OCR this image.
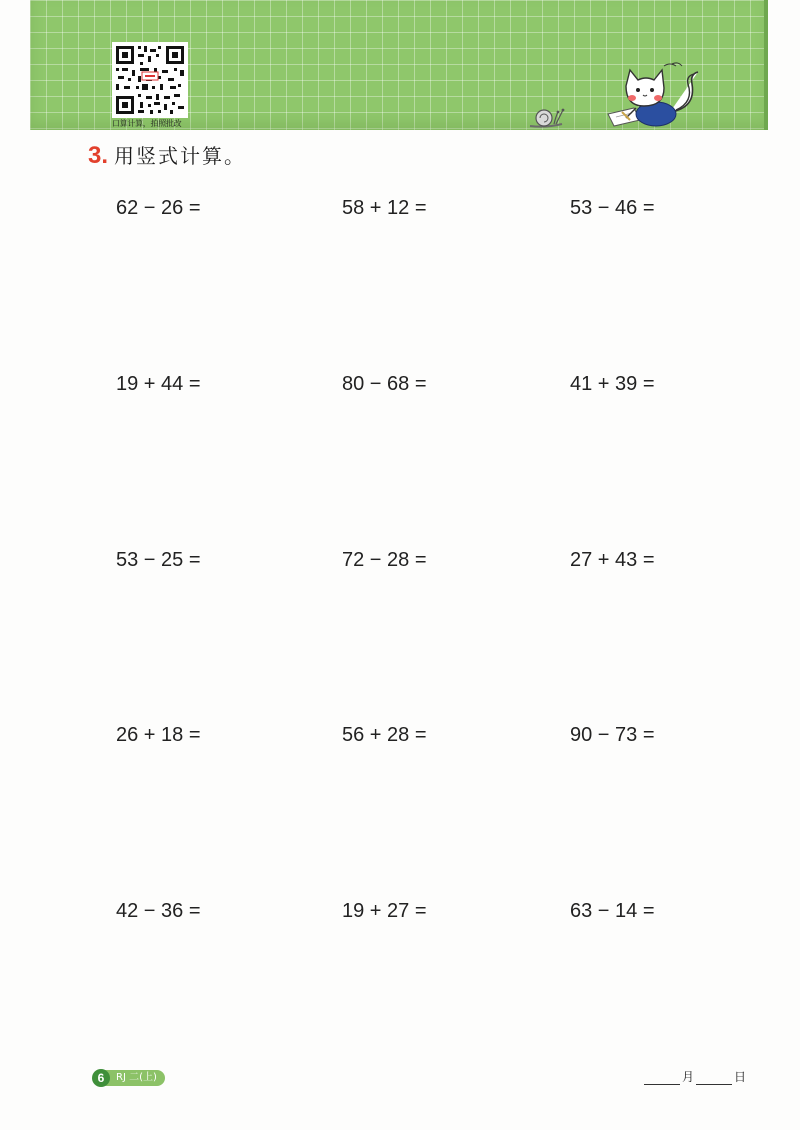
口算计算，拍照批改
3. 用竖式计算。
62 − 26 =	58 + 12 =	53 − 46 =
19 + 44 =	80 − 68 =	41 + 39 =
53 − 25 =	72 − 28 =	27 + 43 =
26 + 18 =	56 + 28 =	90 − 73 =
42 − 36 =	19 + 27 =	63 − 14 =
6	RJ 二(上)	月	日
